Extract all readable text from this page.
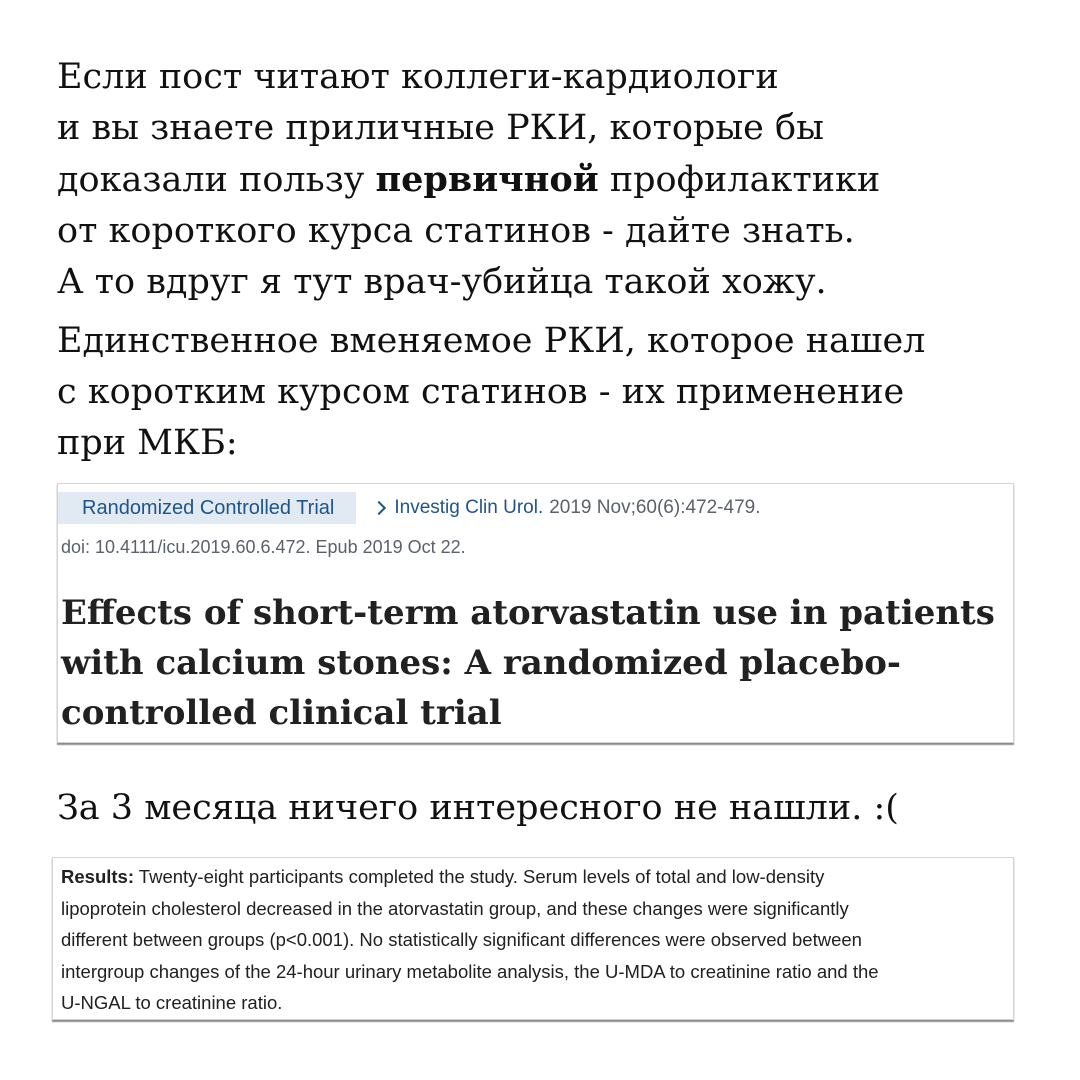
Если пост читают коллеги-кардиологи
и вы знаете приличные РКИ, которые бы
доказали пользу первичной профилактики
от короткого курса статинов - дайте знать.
А то вдруг я тут врач-убийца такой хожу.
Единственное вменяемое РКИ, которое нашел
с коротким курсом статинов - их применение
при МКБ:
Randomized Controlled Trial	Investig Clin Urol. 2019 Nov;60(6):472-479.
doi: 10.4111/icu.2019.60.6.472. Epub 2019 Oct 22.
Effects of short-term atorvastatin use in patients
with calcium stones: A randomized placebo-
controlled clinical trial
За 3 месяца ничего интересного не нашли. :(
Results: Twenty-eight participants completed the study. Serum levels of total and low-density
lipoprotein cholesterol decreased in the atorvastatin group, and these changes were significantly
different between groups (p<0.001). No statistically significant differences were observed between
intergroup changes of the 24-hour urinary metabolite analysis, the U-MDA to creatinine ratio and the
U-NGAL to creatinine ratio.
